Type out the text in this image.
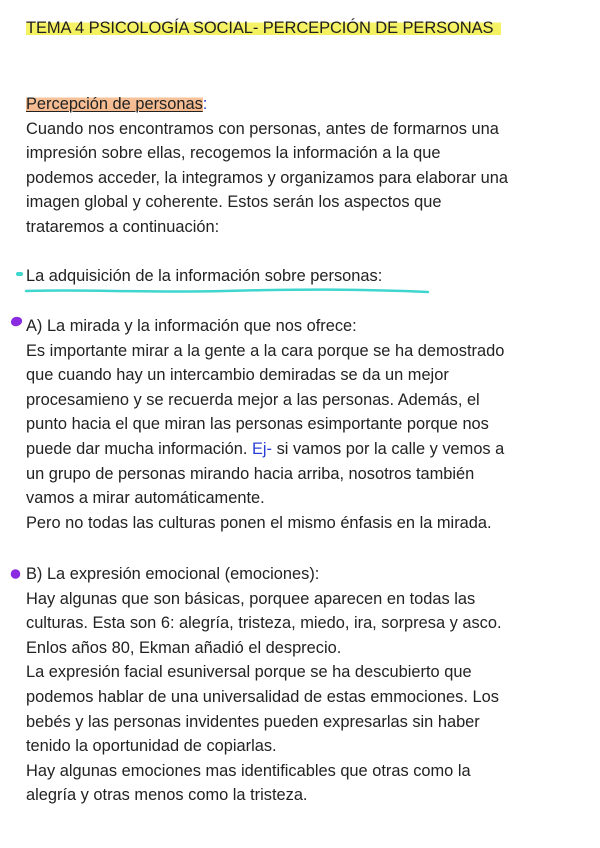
TEMA 4 PSICOLOGÍA SOCIAL- PERCEPCIÓN DE PERSONAS
Percepción de personas:
Cuando nos encontramos con personas, antes de formarnos una
impresión sobre ellas, recogemos la información a la que
podemos acceder, la integramos y organizamos para elaborar una
imagen global y coherente. Estos serán los aspectos que
trataremos a continuación:
La adquisición de la información sobre personas:
A) La mirada y la información que nos ofrece:
Es importante mirar a la gente a la cara porque se ha demostrado
que cuando hay un intercambio demiradas se da un mejor
procesamieno y se recuerda mejor a las personas. Además, el
punto hacia el que miran las personas esimportante porque nos
puede dar mucha información. Ej- si vamos por la calle y vemos a
un grupo de personas mirando hacia arriba, nosotros también
vamos a mirar automáticamente.
Pero no todas las culturas ponen el mismo énfasis en la mirada.
B) La expresión emocional (emociones):
Hay algunas que son básicas, porquee aparecen en todas las
culturas. Esta son 6: alegría, tristeza, miedo, ira, sorpresa y asco.
Enlos años 80, Ekman añadió el desprecio.
La expresión facial esuniversal porque se ha descubierto que
podemos hablar de una universalidad de estas emmociones. Los
bebés y las personas invidentes pueden expresarlas sin haber
tenido la oportunidad de copiarlas.
Hay algunas emociones mas identificables que otras como la
alegría y otras menos como la tristeza.
